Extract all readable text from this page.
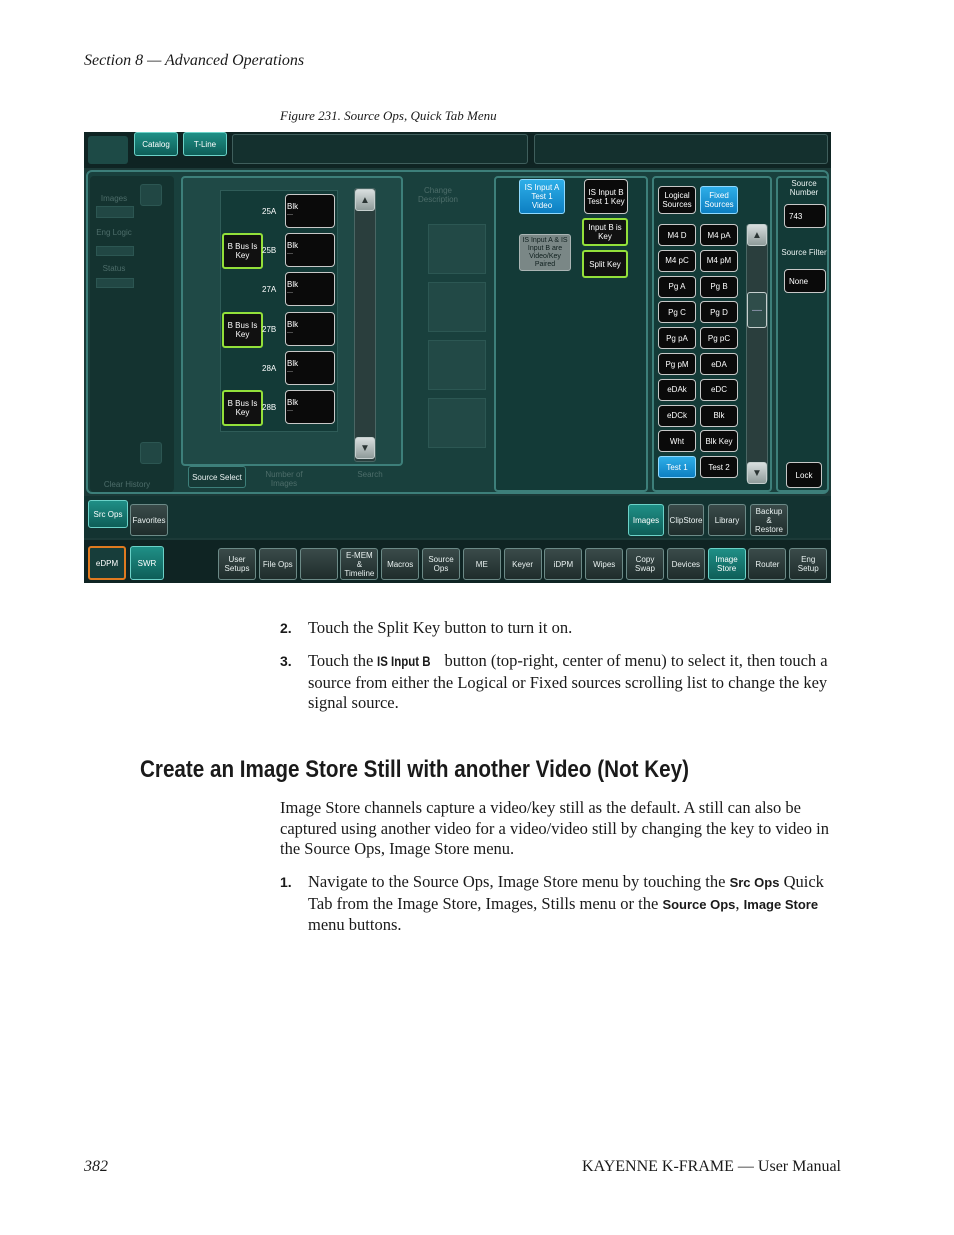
Section 8 — Advanced Operations
Figure 231. Source Ops, Quick Tab Menu
Catalog	T-Line
Images
Eng Logic
Status
Clear History
Change Description
Number of Images
Search
▲
▼
Source Select
25A
Blk
---
B Bus Is Key
25B
Blk
---
27A
Blk
---
B Bus Is Key
27B
Blk
---
28A
Blk
---
B Bus Is Key
28B
Blk
---
IS Input A Test 1 Video
IS Input B Test 1 Key
Input B is Key
IS Input A & IS Input B are Video/Key Paired	Split Key
Logical Sources
Fixed Sources
M4 D	M4 pA
M4 pC	M4 pM
Pg A	Pg B
Pg C	Pg D
Pg pA	Pg pC
Pg pM	eDA
eDAk	eDC
eDCk	Blk
Wht	Blk Key
Test 1	Test 2
▲
—
▼
Source Number
743
Source Filter
None
Lock
Src Ops
Favorites	Images	ClipStore	Library
Backup & Restore
eDPM	SWR	User Setups	File Ops
E-MEM & Timeline
Macros	Source Ops	ME	Keyer	iDPM	Wipes	Copy Swap	Devices	Image Store	Router	Eng Setup
2. Touch the Split Key button to turn it on.
3. Touch the IS Input B button (top-right, center of menu) to select it, then touch a source from either the Logical or Fixed sources scrolling list to change the key signal source.
Create an Image Store Still with another Video (Not Key)
Image Store channels capture a video/key still as the default. A still can also be captured using another video for a video/video still by changing the key to video in the Source Ops, Image Store menu.
1. Navigate to the Source Ops, Image Store menu by touching the Src Ops Quick Tab from the Image Store, Images, Stills menu or the Source Ops, Image Store menu buttons.
382	KAYENNE K-FRAME — User Manual
